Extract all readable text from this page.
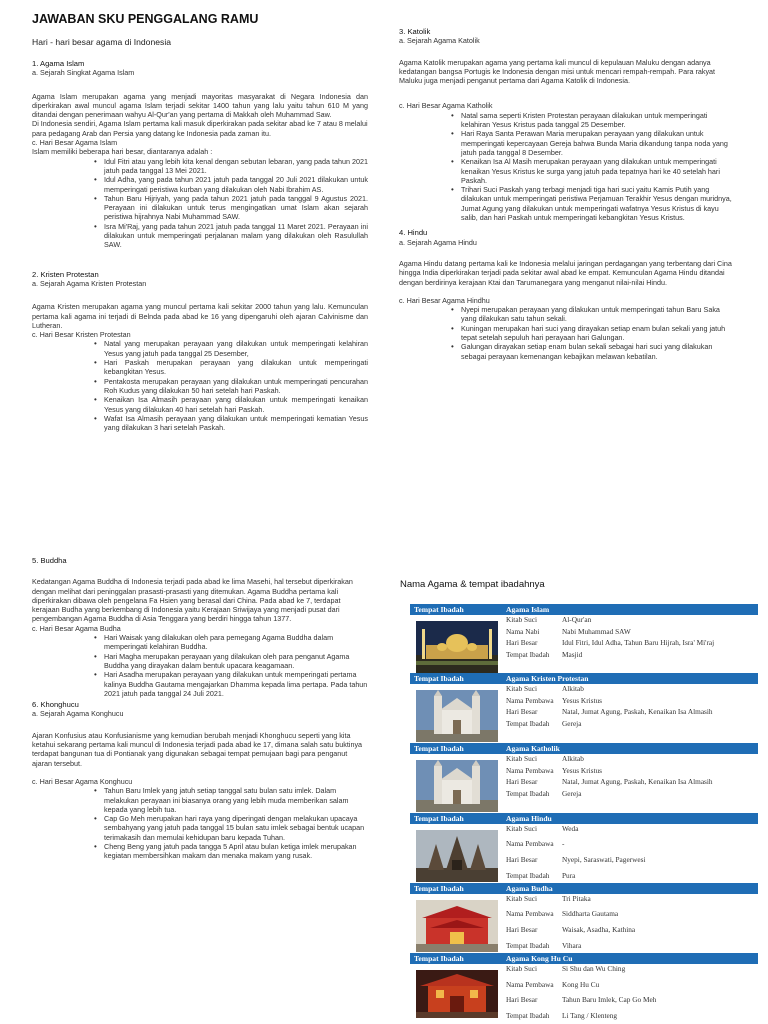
JAWABAN SKU PENGGALANG RAMU
Hari - hari besar agama di Indonesia
1. Agama Islam

a. Sejarah Singkat Agama Islam

Agama Islam merupakan agama yang menjadi mayoritas masyarakat di Negara Indonesia dan diperkirakan awal muncul agama Islam terjadi sekitar 1400 tahun yang lalu yaitu tahun 610 M yang ditandai dengan penerimaan wahyu Al-Qur'an yang pertama di Makkah oleh Muhammad Saw.

Di Indonesia sendiri, Agama Islam pertama kali masuk diperkirakan pada sekitar abad ke 7 atau 8 melalui para pedagang Arab dan Persia yang datang ke Indonesia pada zaman itu.

c. Hari Besar Agama Islam

Islam memiliki beberapa hari besar, diantaranya adalah :

• Idul Fitri atau yang lebih kita kenal dengan sebutan lebaran, yang pada tahun 2021 jatuh pada tanggal 13 Mei 2021.
• Idul Adha, yang pada tahun 2021 jatuh pada tanggal 20 Juli 2021 dilakukan untuk memperingati peristiwa kurban yang dilakukan oleh Nabi Ibrahim AS.
• Tahun Baru Hijriyah, yang pada tahun 2021 jatuh pada tanggal 9 Agustus 2021. Perayaan ini dilakukan untuk terus mengingatkan umat Islam akan sejarah peristiwa hijrahnya Nabi Muhammad SAW.
• Isra Mi'Raj, yang pada tahun 2021 jatuh pada tanggal 11 Maret 2021. Perayaan ini dilakukan untuk memperingati perjalanan malam yang dilakukan oleh Rasulullah SAW.
2. Kristen Protestan

a. Sejarah Agama Kristen Protestan

Agama Kristen merupakan agama yang muncul pertama kali sekitar 2000 tahun yang lalu. Kemunculan pertama kali agama ini terjadi di Belnda pada abad ke 16 yang dipengaruhi oleh ajaran Calvinisme dan Lutheran.

c. Hari Besar Kristen Protestan

• Natal yang merupakan perayaan yang dilakukan untuk memperingati kelahiran Yesus yang jatuh pada tanggal 25 Desember,
• Hari Paskah merupakan perayaan yang dilakukan untuk memperingati kebangkitan Yesus.
• Pentakosta merupakan perayaan yang dilakukan untuk memperingati pencurahan Roh Kudus yang dilakukan 50 hari setelah hari Paskah.
• Kenaikan Isa Almasih perayaan yang dilakukan untuk memperingati kenaikan Yesus yang dilakukan 40 hari setelah hari Paskah.
• Wafat Isa Almasih perayaan yang dilakukan untuk memperingati kematian Yesus yang dilakukan 3 hari setelah Paskah.
3. Katolik

a. Sejarah Agama Katolik

Agama Katolik merupakan agama yang pertama kali muncul di kepulauan Maluku dengan adanya kedatangan bangsa Portugis ke Indonesia dengan misi untuk mencari rempah-rempah. Para rakyat Maluku juga menjadi penganut pertama dari Agama Katolik di Indonesia.

c. Hari Besar Agama Katholik

• Natal sama seperti Kristen Protestan perayaan dilakukan untuk memperingati kelahiran Yesus Kristus pada tanggal 25 Desember.
• Hari Raya Santa Perawan Maria merupakan perayaan yang dilakukan untuk memperingati kepercayaan Gereja bahwa Bunda Maria dikandung tanpa noda yang jatuh pada tanggal 8 Desember.
• Kenaikan Isa Al Masih merupakan perayaan yang dilakukan untuk memperingati kenaikan Yesus Kristus ke surga yang jatuh pada tepatnya hari ke 40 setelah hari Paskah.
• Trihari Suci Paskah yang terbagi menjadi tiga hari suci yaitu Kamis Putih yang dilakukan untuk memperingati peristiwa Perjamuan Terakhir Yesus dengan muridnya, Jumat Agung yang dilakukan untuk memperingati wafatnya Yesus Kristus di kayu salib, dan hari Paskah untuk memperingati kebangkitan Yesus Kristus.
4. Hindu

a. Sejarah Agama Hindu

Agama Hindu datang pertama kali ke Indonesia melalui jaringan perdagangan yang terbentang dari Cina hingga India diperkirakan terjadi pada sekitar awal abad ke empat. Kemunculan Agama Hindu ditandai dengan berdirinya kerajaan Ktai dan Tarumanegara yang menganut nilai-nilai Hindu.

c. Hari Besar Agama Hindhu

• Nyepi merupakan perayaan yang dilakukan untuk memperingati tahun Baru Saka yang dilakukan satu tahun sekali.
• Kuningan merupakan hari suci yang dirayakan setiap enam bulan sekali yang jatuh tepat setelah sepuluh hari perayaan hari Galungan.
• Galungan dirayakan setiap enam bulan sekali sebagai hari suci yang dilakukan sebagai perayaan kemenangan kebajikan melawan kebatilan.
5. Buddha

Kedatangan Agama Buddha di Indonesia terjadi pada abad ke lima Masehi, hal tersebut diperkirakan dengan melihat dari peninggalan prasasti-prasasti yang ditemukan. Agama Buddha pertama kali diperkirakan dibawa oleh pengelana Fa Hsien yang berasal dari China. Pada abad ke 7, terdapat kerajaan Budha yang berkembang di Indonesia yaitu Kerajaan Sriwijaya yang menjadi pusat dari pengembangan Agama Buddha di Asia Tenggara yang berdiri hingga tahun 1377.

c. Hari Besar Agama Budha

• Hari Waisak yang dilakukan oleh para pemegang Agama Buddha dalam memperingati kelahiran Buddha.
• Hari Magha merupakan perayaan yang dilakukan oleh para penganut Agama Buddha yang dirayakan dalam bentuk upacara keagamaan.
• Hari Asadha merupakan perayaan yang dilakukan untuk memperingati pertama kalinya Buddha Gautama mengajarkan Dhamma kepada lima pertapa. Pada tahun 2021 jatuh pada tanggal 24 Juli 2021.
6. Khonghucu

a. Sejarah Agama Konghucu

Ajaran Konfusius atau Konfusianisme yang kemudian berubah menjadi Khonghucu seperti yang kita ketahui sekarang pertama kali muncul di Indonesia terjadi pada abad ke 17, dimana salah satu buktinya terdapat bangunan tua di Pontianak yang digunakan sebagai tempat pemujaan bagi para penganut ajaran tersebut.

c. Hari Besar Agama Konghucu

• Tahun Baru Imlek yang jatuh setiap tanggal satu bulan satu imlek. Dalam melakukan perayaan ini biasanya orang yang lebih muda memberikan salam kepada yang lebih tua.
• Cap Go Meh merupakan hari raya yang diperingati dengan melakukan upacaya sembahyang yang jatuh pada tanggal 15 bulan satu imlek sebagai bentuk ucapan terimakasih dan memulai kehidupan baru kepada Tuhan.
• Cheng Beng yang jatuh pada tangga 5 April atau bulan ketiga imlek merupakan kegiatan membersihkan makam dan menaka makam yang rusak.
Nama Agama & tempat ibadahnya
Tempat Ibadah	Agama Islam
Kitab Suci	Al-Qur'an
Nama Nabi	Nabi Muhammad SAW
Hari Besar	Idul Fitri, Idul Adha, Tahun Baru Hijrah, Isra' Mi'raj
Tempat Ibadah	Masjid
Tempat Ibadah	Agama Kristen Protestan
Kitab Suci	Alkitab
Nama Pembawa	Yesus Kristus
Hari Besar	Natal, Jumat Agung, Paskah, Kenaikan Isa Almasih
Tempat Ibadah	Gereja
Tempat Ibadah	Agama Katholik
Kitab Suci	Alkitab
Nama Pembawa	Yesus Kristus
Hari Besar	Natal, Jumat Agung, Paskah, Kenaikan Isa Almasih
Tempat Ibadah	Gereja
Tempat Ibadah	Agama Hindu
Kitab Suci	Weda
Nama Pembawa	-
Hari Besar	Nyepi, Saraswati, Pagerwesi
Tempat Ibadah	Pura
Tempat Ibadah	Agama Budha
Kitab Suci	Tri Pitaka
Nama Pembawa	Siddharta Gautama
Hari Besar	Waisak, Asadha, Kathina
Tempat Ibadah	Vihara
Tempat Ibadah	Agama Kong Hu Cu
Kitab Suci	Si Shu dan Wu Ching
Nama Pembawa	Kong Hu Cu
Hari Besar	Tahun Baru Imlek, Cap Go Meh
Tempat Ibadah	Li Tang / Klenteng
